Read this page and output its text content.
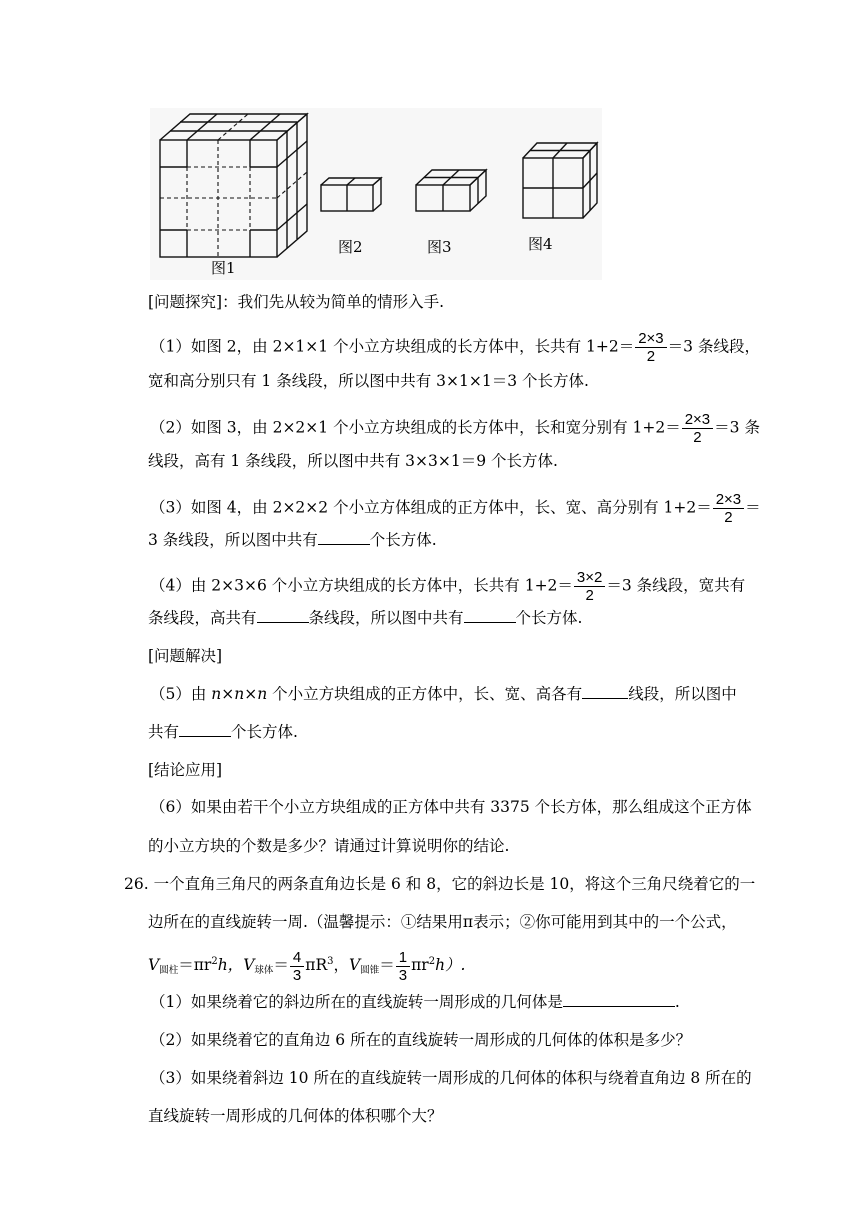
图1
图2	图3	图4
[问题探究]：我们先从较为简单的情形入手.
（1）如图 2，由 2×1×1 个小立方块组成的长方体中，长共有 $1+2= \frac{2\times 3}{2} =3$ 条线段，
宽和高分别只有 1 条线段，所以图中共有 3×1×1＝3 个长方体.
（2）如图 3，由 2×2×1 个小立方块组成的长方体中，长和宽分别有 $1+2= \frac{2\times 3}{2} =3$ 条
线段，高有 1 条线段，所以图中共有 3×3×1＝9 个长方体.
（3）如图 4，由 2×2×2 个小立方体组成的正方体中，长、宽、高分别有 $1+2= \frac{2\times 3}{2}$ ＝
3 条线段，所以图中共有	个长方体.
（4）由 2×3×6 个小立方块组成的长方体中，长共有 $1+2= \frac{3\times 2}{2} =3$ 条线段，宽共有
条线段，高共有	条线段，所以图中共有	个长方体.
[问题解决]
（5）由 n×n×n 个小立方块组成的正方体中，长、宽、高各有	线段，所以图中
共有	个长方体.
[结论应用]
（6）如果由若干个小立方块组成的正方体中共有 3375 个长方体，那么组成这个正方体
的小立方块的个数是多少？请通过计算说明你的结论.
26. 一个直角三角尺的两条直角边长是 6 和 8，它的斜边长是 10，将这个三角尺绕着它的一
边所在的直线旋转一周.（温馨提示：①结果用π表示；②你可能用到其中的一个公式，
V圆柱$=\pi r^2h$，V球体＝ $\frac{4}{3} \pi R^3$，V圆锥＝ $\frac{1}{3} \pi r^2h$）.
（1）如果绕着它的斜边所在的直线旋转一周形成的几何体是	.
（2）如果绕着它的直角边 6 所在的直线旋转一周形成的几何体的体积是多少？
（3）如果绕着斜边 10 所在的直线旋转一周形成的几何体的体积与绕着直角边 8 所在的
直线旋转一周形成的几何体的体积哪个大？
